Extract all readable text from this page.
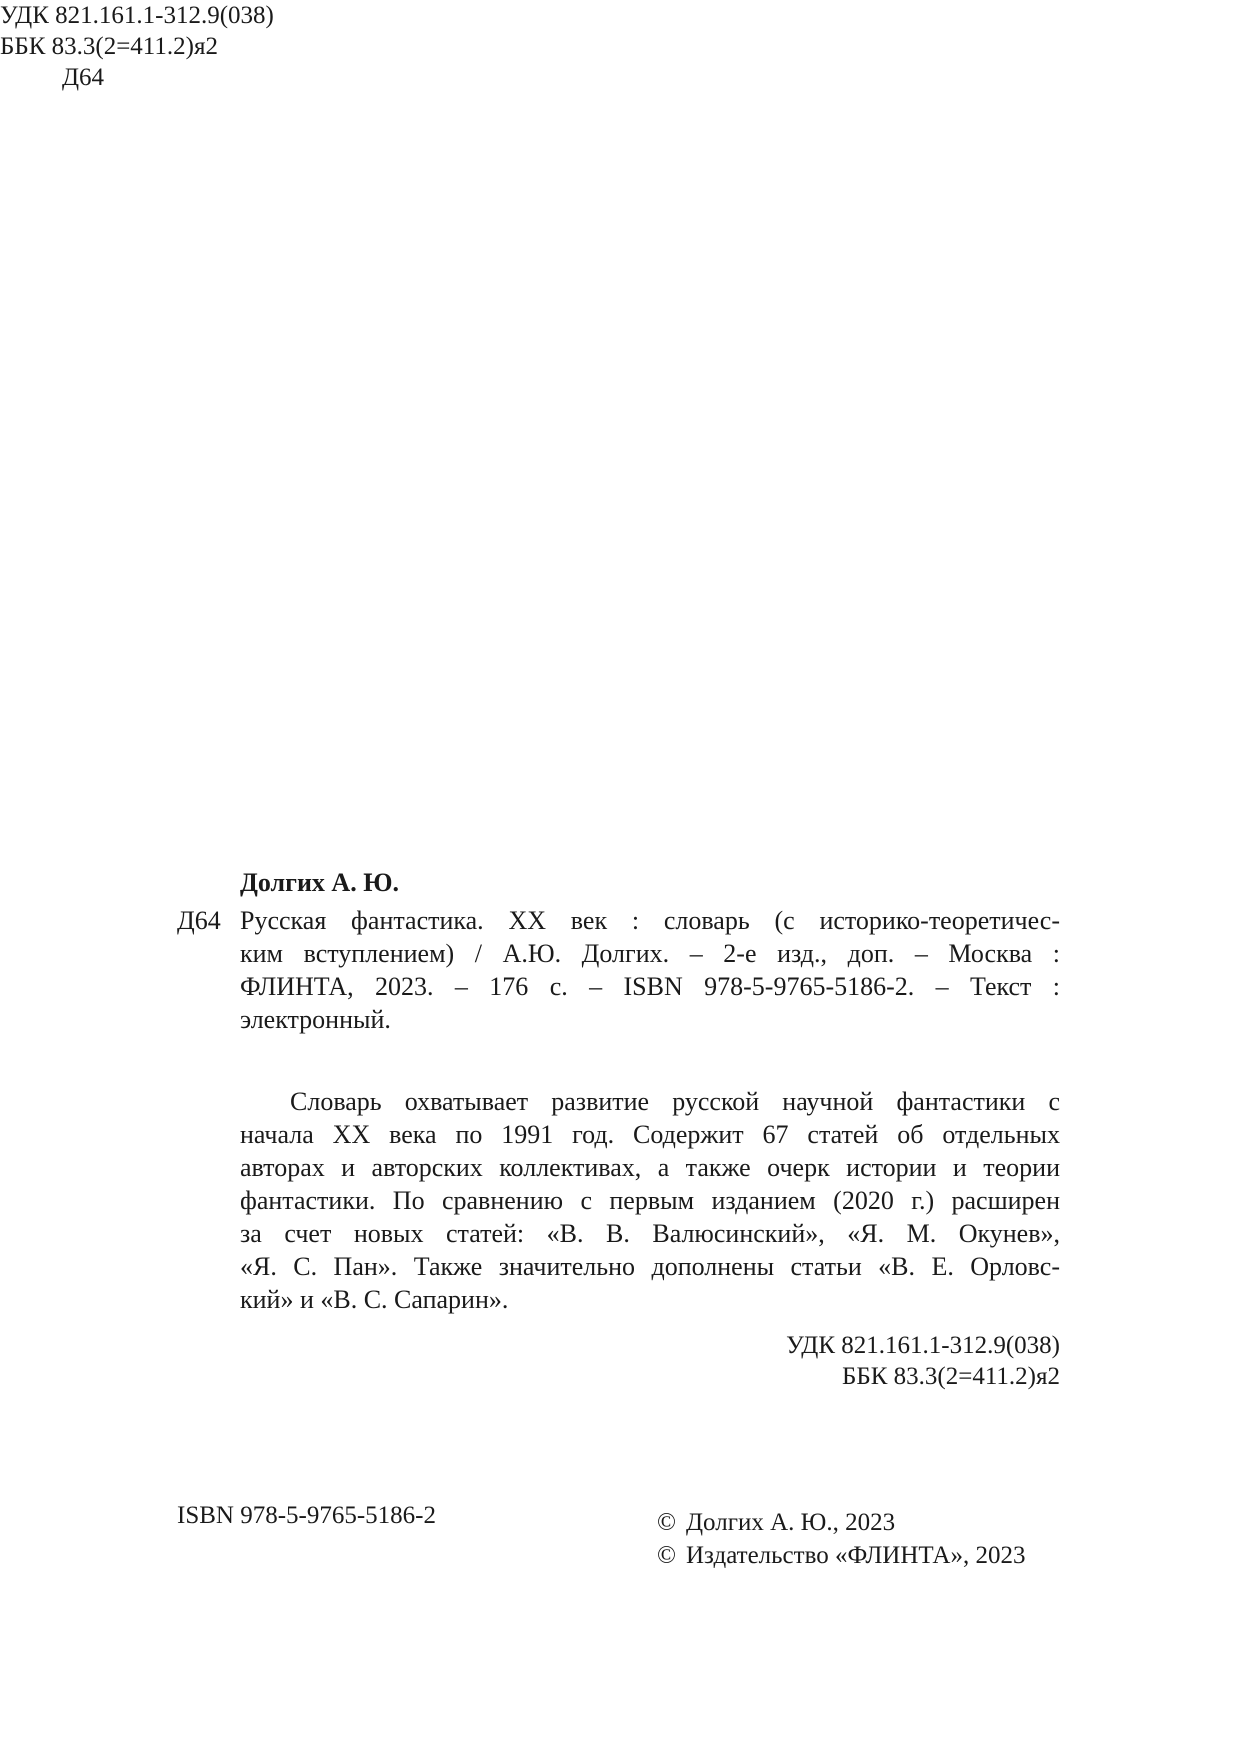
УДК 821.161.1-312.9(038)
ББК 83.3(2=411.2)я2
Д64
Долгих А. Ю.
Д64 Русская фантастика. XX век : словарь (с историко-теоретичес-
ким вступлением) / А.Ю. Долгих. – 2-е изд., доп. – Москва :
ФЛИНТА, 2023. – 176 с. – ISBN 978-5-9765-5186-2. – Текст :
электронный.
Словарь охватывает развитие русской научной фантастики с
начала XX века по 1991 год. Содержит 67 статей об отдельных
авторах и авторских коллективах, а также очерк истории и теории
фантастики. По сравнению с первым изданием (2020 г.) расширен
за счет новых статей: «В. В. Валюсинский», «Я. М. Окунев»,
«Я. С. Пан». Также значительно дополнены статьи «В. Е. Орловс-
кий» и «В. С. Сапарин».
УДК 821.161.1-312.9(038)
ББК 83.3(2=411.2)я2
ISBN 978-5-9765-5186-2	© Долгих А. Ю., 2023
© Издательство «ФЛИНТА», 2023
